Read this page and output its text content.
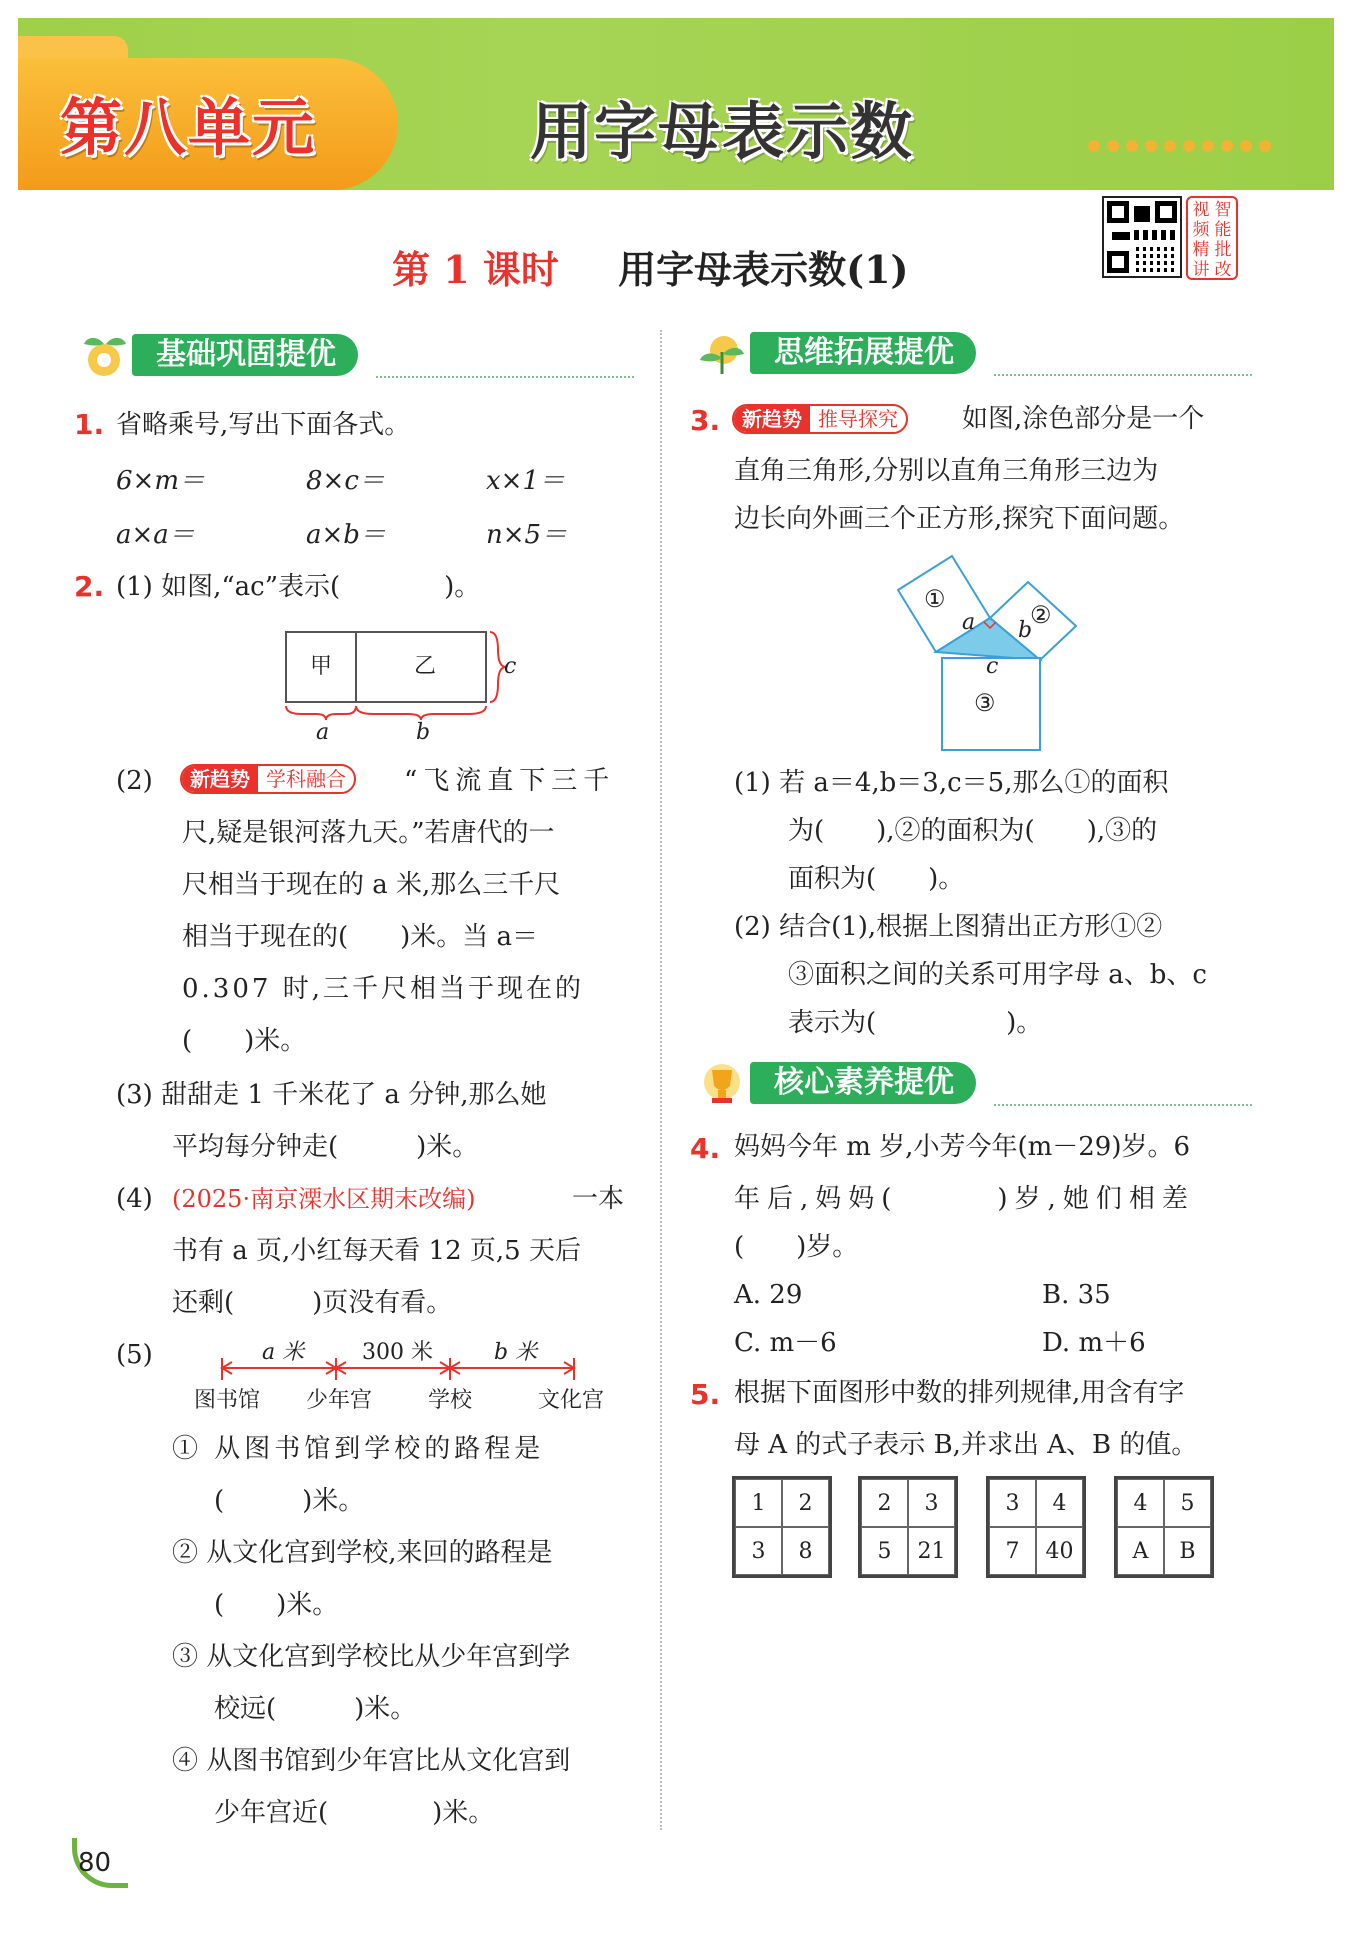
第八单元	用字母表示数
第 1 课时 用字母表示数(1)
视 智
频 能
精 批
讲 改
基础巩固提优
1. 省略乘号,写出下面各式。
6×m＝	8×c＝	x×1＝
a×a＝	a×b＝	n×5＝
2. (1) 如图,“ac”表示(　　　　)。
甲	乙	c
a	b
(2)	新趋势 学科融合	“飞流直下三千
尺,疑是银河落九天。”若唐代的一
尺相当于现在的 a 米,那么三千尺
相当于现在的(　　)米。当 a＝
0.307 时,三千尺相当于现在的
(　　)米。
(3) 甜甜走 1 千米花了 a 分钟,那么她
平均每分钟走(　　　)米。
(4) (2025·南京溧水区期末改编)	一本
书有 a 页,小红每天看 12 页,5 天后
还剩(　　　)页没有看。
(5)	a 米	300 米	b 米
图书馆 少年宫	学校	文化宫
① 从图书馆到学校的路程是
(　　　)米。
② 从文化宫到学校,来回的路程是
(　　)米。
③ 从文化宫到学校比从少年宫到学
校远(　　　)米。
④ 从图书馆到少年宫比从文化宫到
少年宫近(　　　　)米。
思维拓展提优
3.	新趋势 推导探究	如图,涂色部分是一个
直角三角形,分别以直角三角形三边为
边长向外画三个正方形,探究下面问题。
①
②
③
a b
c
(1) 若 a＝4,b＝3,c＝5,那么①的面积
为(　　),②的面积为(　　),③的
面积为(　　)。
(2) 结合(1),根据上图猜出正方形①②
③面积之间的关系可用字母 a、b、c
表示为(　　　　　)。
核心素养提优
4. 妈妈今年 m 岁,小芳今年(m－29)岁。6
年后,妈妈(　　　)岁,她们相差
(　　)岁。
A. 29	B. 35
C. m－6	D. m＋6
5. 根据下面图形中数的排列规律,用含有字
母 A 的式子表示 B,并求出 A、B 的值。
1	2
3	8
2	3
5	21
3	4
7	40
4	5
A	B
80
